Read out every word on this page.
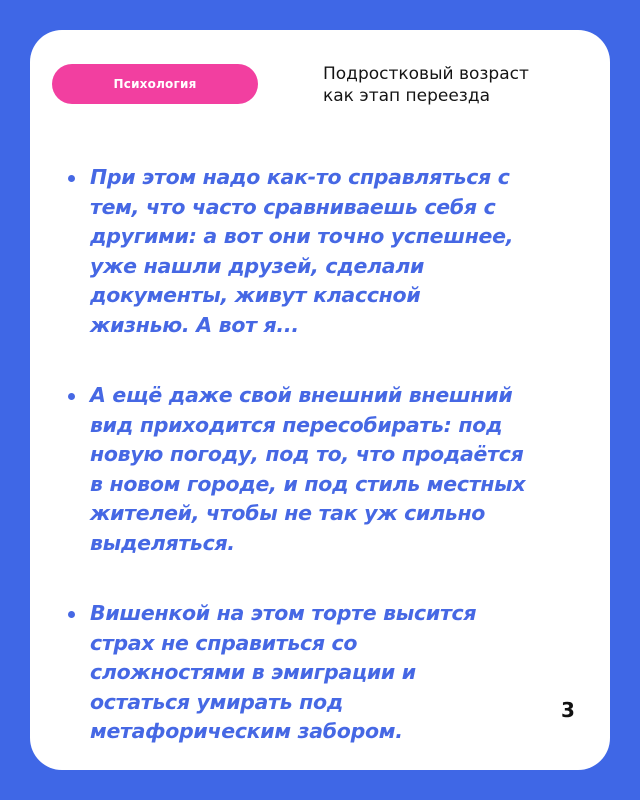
Психология	Подростковый возраст
как этап переезда
При этом надо как-то справляться с
тем, что часто сравниваешь себя с
другими: а вот они точно успешнее,
уже нашли друзей, сделали
документы, живут классной
жизнью. А вот я...
А ещё даже свой внешний внешний
вид приходится пересобирать: под
новую погоду, под то, что продаётся
в новом городе, и под стиль местных
жителей, чтобы не так уж сильно
выделяться.
Вишенкой на этом торте высится
страх не справиться со
сложностями в эмиграции и
остаться умирать под
метафорическим забором.
3
